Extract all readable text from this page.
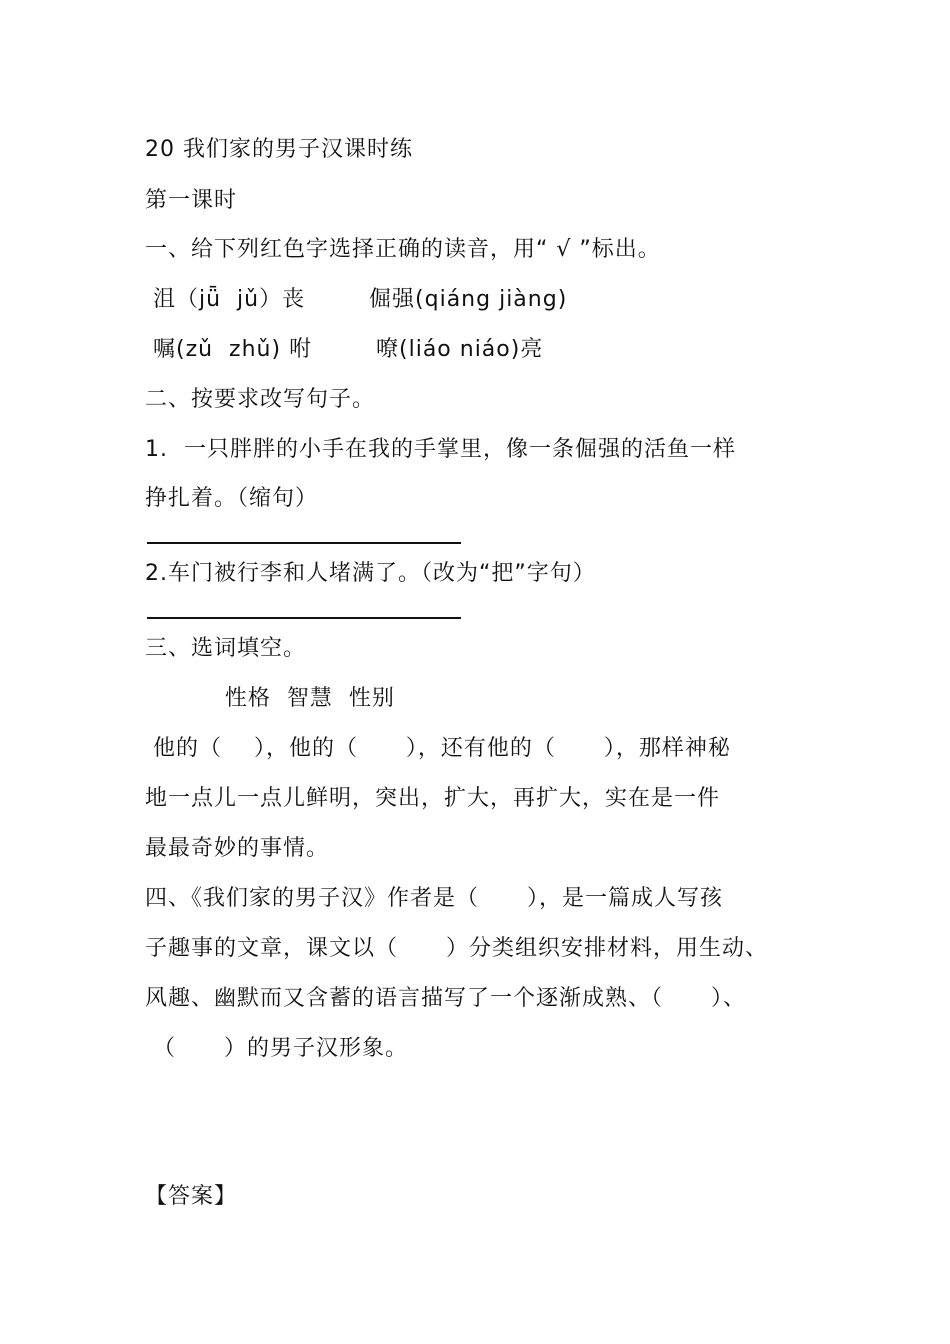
20 我们家的男子汉课时练
第一课时
一、给下列红色字选择正确的读音，用“ √ ”标出。
沮（jǖ  jǔ）丧        倔强(qiáng jiàng)
嘱(zǔ  zhǔ) 咐        嘹(liáo niáo)亮
二、按要求改写句子。
1.  一只胖胖的小手在我的手掌里，像一条倔强的活鱼一样
挣扎着。（缩句）
2.车门被行李和人堵满了。（改为“把”字句）
三、选词填空。
性格  智慧  性别
他的（    ），他的（      ），还有他的（      ），那样神秘
地一点儿一点儿鲜明，突出，扩大，再扩大，实在是一件
最最奇妙的事情。
四、《我们家的男子汉》作者是（      ），是一篇成人写孩
子趣事的文章，课文以（      ）分类组织安排材料，用生动、
风趣、幽默而又含蓄的语言描写了一个逐渐成熟、（      ）、
（      ）的男子汉形象。
【答案】
